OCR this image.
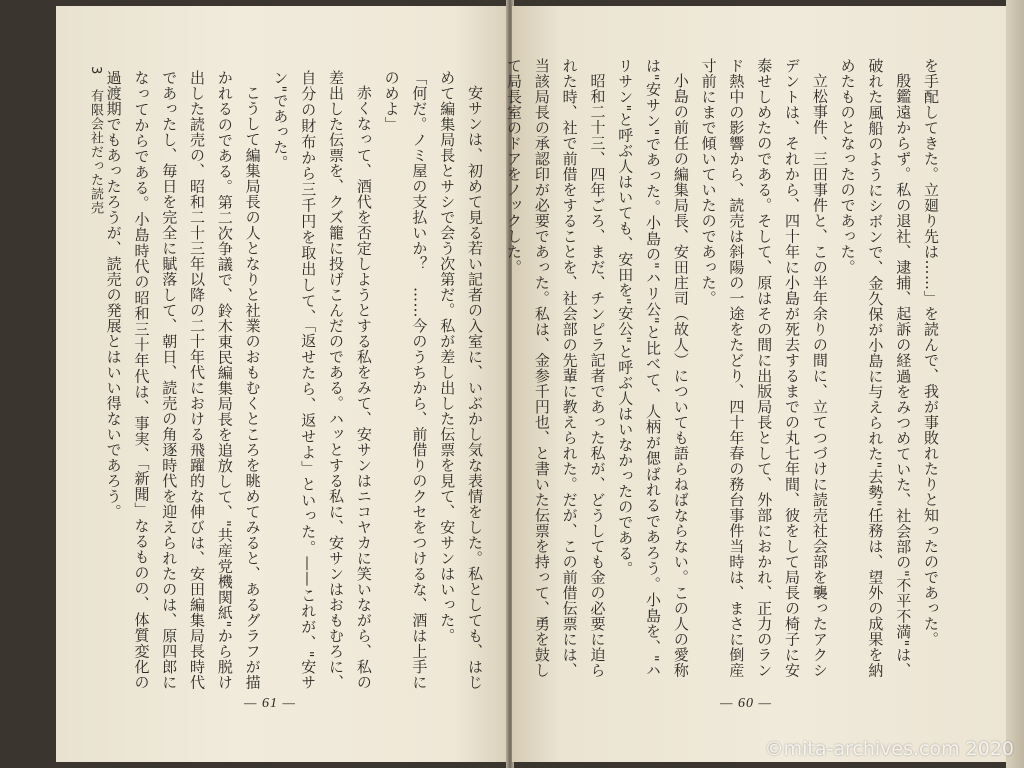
3　有限会社だった読売	安サンは、初めて見る若い記者の入室に、いぶかし気な表情をした。私としても、はじめて編集局長とサシで会う次第だ。私が差し出した伝票を見て、安サンはいった。

「何だ。ノミ屋の支払いか？　……今のうちから、前借りのクセをつけるな、酒は上手にのめよ」

赤くなって、酒代を否定しようとする私をみて、安サンはニコヤカに笑いながら、私の差出した伝票を、クズ籠に投げこんだのである。ハッとする私に、安サンはおもむろに、自分の財布から三千円を取出して、「返せたら、返せよ」といった。——これが、"安サン"であった。

こうして編集局長の人となりと社業のおもむくところを眺めてみると、あるグラフが描かれるのである。第二次争議で、鈴木東民編集局長を追放して、"共産党機関紙"から脱け出した読売の、昭和二十三年以降の二十年代における飛躍的な伸びは、安田編集局長時代であったし、毎日を完全に賦落して、朝日、読売の角逐時代を迎えられたのは、原四郎になってからである。小島時代の昭和三十年代は、事実、「新聞」なるものの、体質変化の過渡期でもあったろうが、読売の発展とはいい得ないであろう。

— 61 —

を手配してきた。立廻り先は……」を読んで、我が事敗れたりと知ったのであった。

殷鑑遠からず。私の退社、逮捕、起訴の経過をみつめていた、社会部の"不平不満"は、破れた風船のようにシボンで、金久保が小島に与えられた"去勢"任務は、望外の成果を納めたものとなったのであった。

立松事件、三田事件と、この半年余りの間に、立てつづけに読売社会部を襲ったアクシデントは、それから、四十年に小島が死去するまでの丸七年間、彼をして局長の椅子に安泰せしめたのである。そして、原はその間に出版局長として、外部におかれ、正力のランド熱中の影響から、読売は斜陽の一途をたどり、四十年春の務台事件当時は、まさに倒産寸前にまで傾いていたのであった。

小島の前任の編集局長、安田庄司（故人）についても語らねばならない。この人の愛称は"安サン"であった。小島の"ハリ公"と比べて、人柄が偲ばれるであろう。小島を、"ハリサン"と呼ぶ人はいても、安田を"安公"と呼ぶ人はいなかったのである。

昭和二十三、四年ごろ、まだ、チンピラ記者であった私が、どうしても金の必要に迫られた時、社で前借をすることを、社会部の先輩に教えられた。だが、この前借伝票には、当該局長の承認印が必要であった。私は、金参千円也、と書いた伝票を持って、勇を鼓して局長室のドアをノックした。

— 60 —
©mita-archives.com 2020
